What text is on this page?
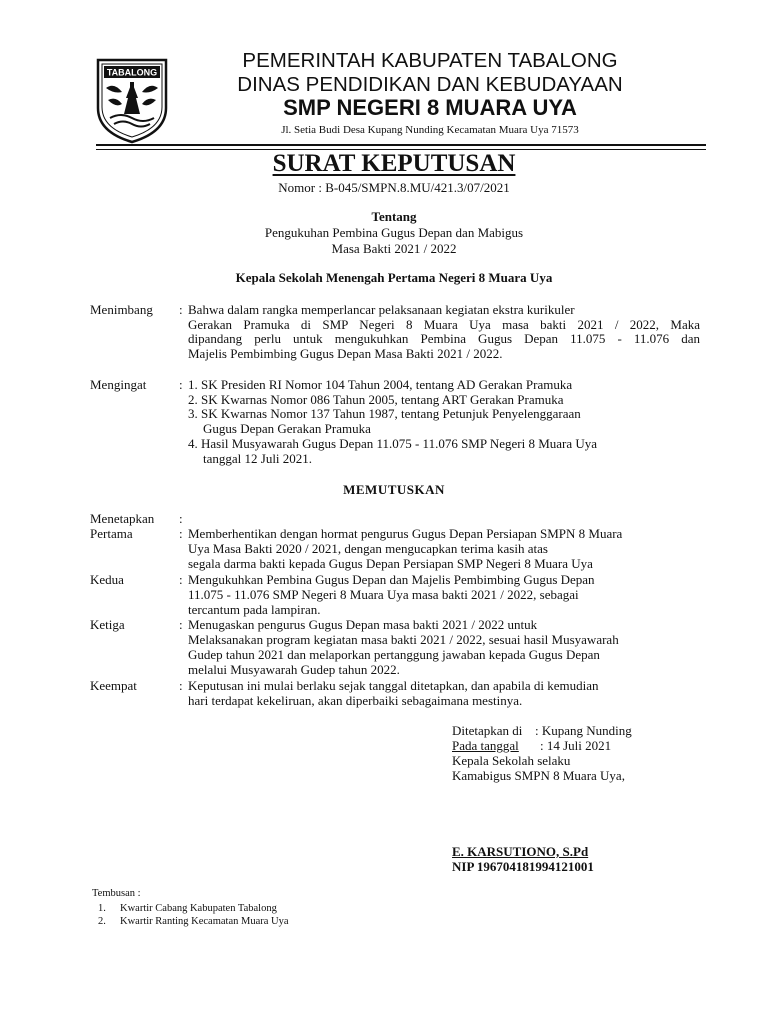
TABALONG
PEMERINTAH KABUPATEN TABALONG
DINAS PENDIDIKAN DAN KEBUDAYAAN
SMP NEGERI 8 MUARA UYA
Jl. Setia Budi Desa Kupang Nunding Kecamatan Muara Uya 71573
SURAT KEPUTUSAN
Nomor : B-045/SMPN.8.MU/421.3/07/2021
Tentang
Pengukuhan Pembina Gugus Depan dan Mabigus
Masa Bakti 2021 / 2022
Kepala Sekolah Menengah Pertama Negeri 8 Muara Uya
Menimbang : Bahwa dalam rangka memperlancar pelaksanaan kegiatan ekstra kurikuler
Gerakan Pramuka di SMP Negeri 8 Muara Uya masa bakti 2021 / 2022, Maka
dipandang perlu untuk mengukuhkan Pembina Gugus Depan 11.075 - 11.076 dan
Majelis Pembimbing Gugus Depan Masa Bakti 2021 / 2022.
Mengingat	: 1. SK Presiden RI Nomor 104 Tahun 2004, tentang AD Gerakan Pramuka
2. SK Kwarnas Nomor 086 Tahun 2005, tentang ART Gerakan Pramuka
3. SK Kwarnas Nomor 137 Tahun 1987, tentang Petunjuk Penyelenggaraan
Gugus Depan Gerakan Pramuka
4. Hasil Musyawarah Gugus Depan 11.075 - 11.076 SMP Negeri 8 Muara Uya
tanggal 12 Juli 2021.
MEMUTUSKAN
Menetapkan :
Pertama	: Memberhentikan dengan hormat pengurus Gugus Depan Persiapan SMPN 8 Muara
Uya Masa Bakti 2020 / 2021, dengan mengucapkan terima kasih atas
segala darma bakti kepada Gugus Depan Persiapan SMP Negeri 8 Muara Uya
Kedua	: Mengukuhkan Pembina Gugus Depan dan Majelis Pembimbing Gugus Depan
11.075 - 11.076 SMP Negeri 8 Muara Uya masa bakti 2021 / 2022, sebagai
tercantum pada lampiran.
Ketiga	: Menugaskan pengurus Gugus Depan masa bakti 2021 / 2022 untuk
Melaksanakan program kegiatan masa bakti 2021 / 2022, sesuai hasil Musyawarah
Gudep tahun 2021 dan melaporkan pertanggung jawaban kepada Gugus Depan
melalui Musyawarah Gudep tahun 2022.
Keempat	: Keputusan ini mulai berlaku sejak tanggal ditetapkan, dan apabila di kemudian
hari terdapat kekeliruan, akan diperbaiki sebagaimana mestinya.
Ditetapkan di : Kupang Nunding
Pada tanggal : 14 Juli 2021
Kepala Sekolah selaku
Kamabigus SMPN 8 Muara Uya,
E. KARSUTIONO, S.Pd
NIP 196704181994121001
Tembusan :
1. Kwartir Cabang Kabupaten Tabalong
2. Kwartir Ranting Kecamatan Muara Uya
